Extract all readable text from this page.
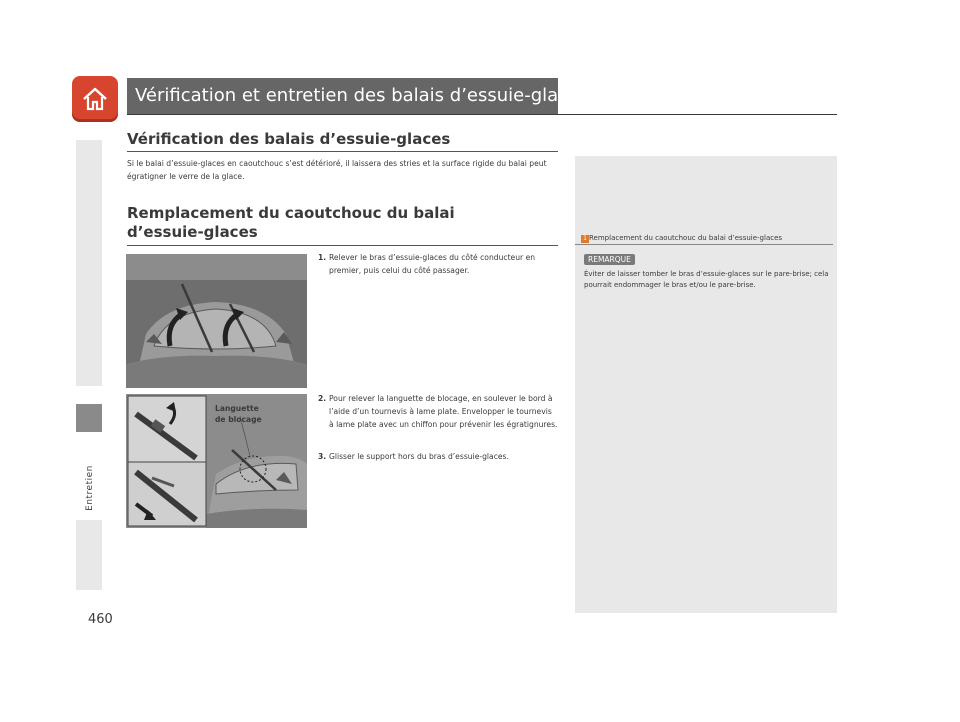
Vérification et entretien des balais d’essuie-glaces
Entretien
460
Vérification des balais d’essuie-glaces
Si le balai d’essuie-glaces en caoutchouc s’est détérioré, il laissera des stries et la surface rigide du balai peut égratigner le verre de la glace.
Remplacement du caoutchouc du balai d’essuie-glaces
1. Relever le bras d’essuie-glaces du côté conducteur en premier, puis celui du côté passager.
Languette
de blocage
2. Pour relever la languette de blocage, en soulever le bord à l’aide d’un tournevis à lame plate. Envelopper le tournevis à lame plate avec un chiffon pour prévenir les égratignures.
3. Glisser le support hors du bras d’essuie-glaces.
1 Remplacement du caoutchouc du balai d’essuie-glaces
REMARQUE
Éviter de laisser tomber le bras d’essuie-glaces sur le pare-brise; cela pourrait endommager le bras et/ou le pare-brise.
